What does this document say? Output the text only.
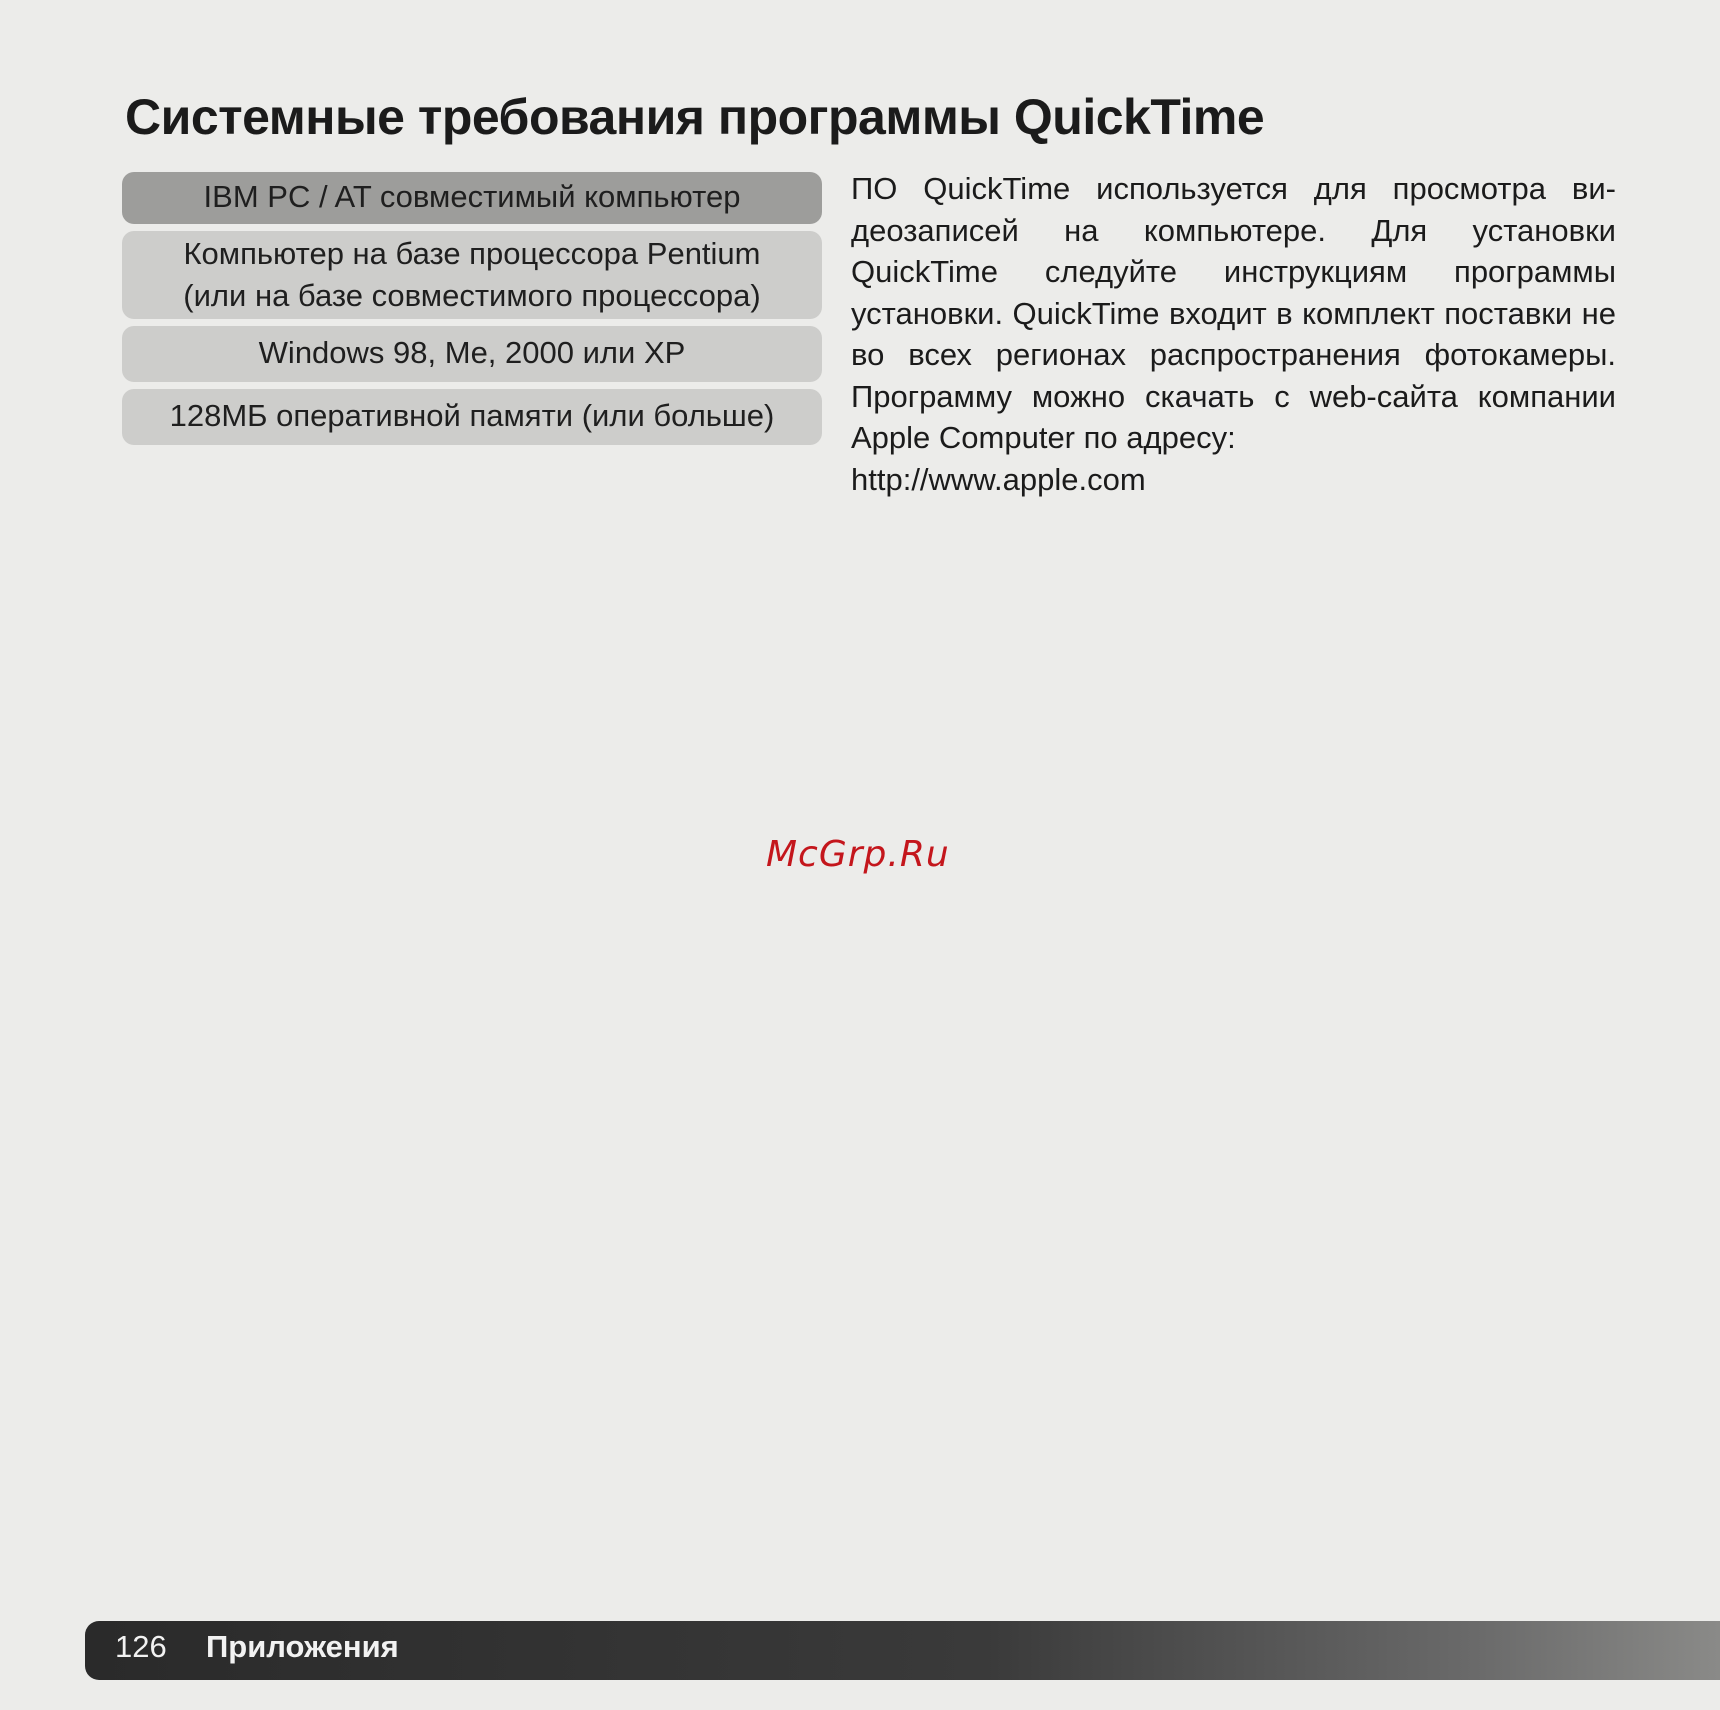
Системные требования программы QuickTime
IBM PC / AT совместимый компьютер
Компьютер на базе процессора Pentium
(или на базе совместимого процессора)
Windows 98, Me, 2000 или XP
128МБ оперативной памяти (или больше)

ПО QuickTime используется для просмотра видеозаписей на компьютере. Для установки QuickTime следуйте инструкциям программы установки. QuickTime входит в комплект поставки не во всех регионах распространения фотокамеры. Программу можно скачать с web-сайта компании Apple Computer по адресу:
http://www.apple.com

McGrp.Ru
126 Приложения
